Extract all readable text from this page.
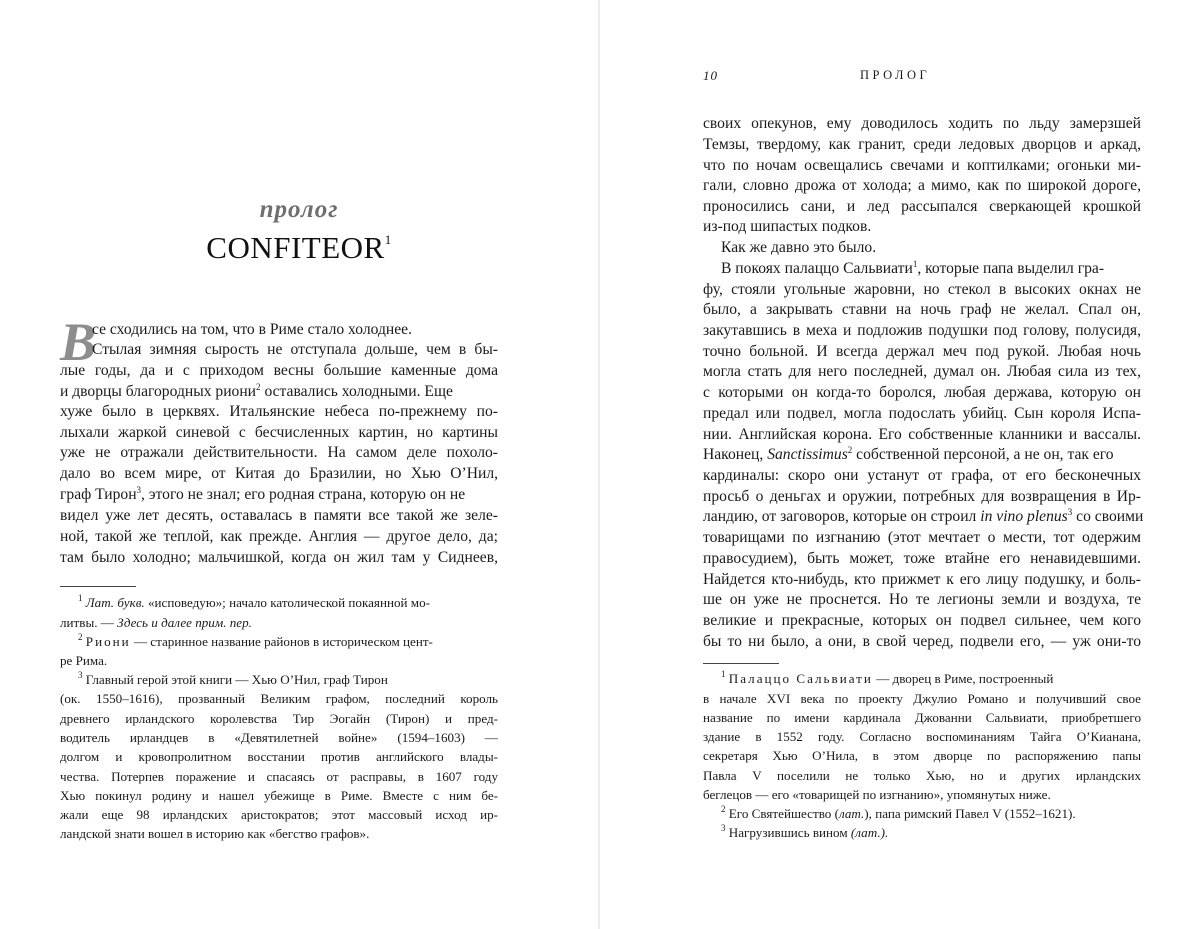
пролог
CONFITEOR$^1$
В
се сходились на том, что в Риме стало холоднее.
Стылая зимняя сырость не отступала дольше, чем в бы-
лые годы, да и с приходом весны большие каменные дома
и дворцы благородных риони$^2$ оставались холодными. Еще
хуже было в церквях. Итальянские небеса по-прежнему по-
лыхали жаркой синевой с бесчисленных картин, но картины
уже не отражали действительности. На самом деле похоло-
дало во всем мире, от Китая до Бразилии, но Хью О’Нил,
граф Тирон$^3$, этого не знал; его родная страна, которую он не
видел уже лет десять, оставалась в памяти все такой же зеле-
ной, такой же теплой, как прежде. Англия — другое дело, да;
там было холодно; мальчишкой, когда он жил там у Сиднеев,
$^1$ Лат. букв. «исповедую»; начало католической покаянной мо-
литвы. — Здесь и далее прим. пер.
$^2$ Риони — старинное название районов в историческом цент-
ре Рима.
$^3$ Главный герой этой книги — Хью О’Нил, граф Тирон
(ок. 1550–1616), прозванный Великим графом, последний король
древнего ирландского королевства Тир Эогайн (Тирон) и пред-
водитель ирландцев в «Девятилетней войне» (1594–1603) —
долгом и кровопролитном восстании против английского влады-
чества. Потерпев поражение и спасаясь от расправы, в 1607 году
Хью покинул родину и нашел убежище в Риме. Вместе с ним бе-
жали еще 98 ирландских аристократов; этот массовый исход ир-
ландской знати вошел в историю как «бегство графов».
10	ПРОЛОГ
своих опекунов, ему доводилось ходить по льду замерзшей
Темзы, твердому, как гранит, среди ледовых дворцов и аркад,
что по ночам освещались свечами и коптилками; огоньки ми-
гали, словно дрожа от холода; а мимо, как по широкой дороге,
проносились сани, и лед рассыпался сверкающей крошкой
из-под шипастых подков.
Как же давно это было.
В покоях палаццо Сальвиати$^1$, которые папа выделил гра-
фу, стояли угольные жаровни, но стекол в высоких окнах не
было, а закрывать ставни на ночь граф не желал. Спал он,
закутавшись в меха и подложив подушки под голову, полусидя,
точно больной. И всегда держал меч под рукой. Любая ночь
могла стать для него последней, думал он. Любая сила из тех,
с которыми он когда-то боролся, любая держава, которую он
предал или подвел, могла подослать убийц. Сын короля Испа-
нии. Английская корона. Его собственные кланники и вассалы.
Наконец, Sanctissimus$^2$ собственной персоной, а не он, так его
кардиналы: скоро они устанут от графа, от его бесконечных
просьб о деньгах и оружии, потребных для возвращения в Ир-
ландию, от заговоров, которые он строил in vino plenus$^3$ со своими
товарищами по изгнанию (этот мечтает о мести, тот одержим
правосудием), быть может, тоже втайне его ненавидевшими.
Найдется кто-нибудь, кто прижмет к его лицу подушку, и боль-
ше он уже не проснется. Но те легионы земли и воздуха, те
великие и прекрасные, которых он подвел сильнее, чем кого
бы то ни было, а они, в свой черед, подвели его, — уж они-то
$^1$ Палаццо Сальвиати — дворец в Риме, построенный
в начале XVI века по проекту Джулио Романо и получивший свое
название по имени кардинала Джованни Сальвиати, приобретшего
здание в 1552 году. Согласно воспоминаниям Тайга О’Кианана,
секретаря Хью О’Нила, в этом дворце по распоряжению папы
Павла V поселили не только Хью, но и других ирландских
беглецов — его «товарищей по изгнанию», упомянутых ниже.
$^2$ Его Святейшество (лат.), папа римский Павел V (1552–1621).
$^3$ Нагрузившись вином (лат.).
